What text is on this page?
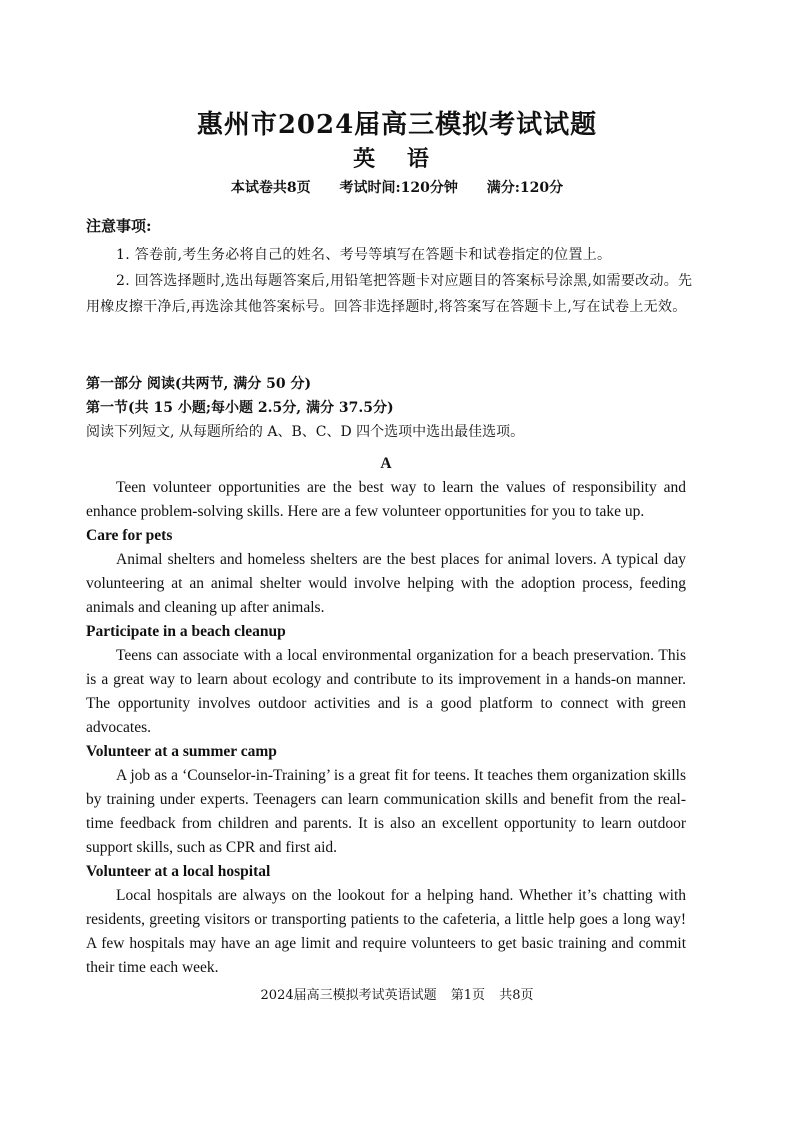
惠州市2024届高三模拟考试试题
英 语
本试卷共8页 考试时间:120分钟 满分:120分
注意事项:

1. 答卷前,考生务必将自己的姓名、考号等填写在答题卡和试卷指定的位置上。

2. 回答选择题时,选出每题答案后,用铅笔把答题卡对应题目的答案标号涂黑,如需要改动。先用橡皮擦干净后,再选涂其他答案标号。回答非选择题时,将答案写在答题卡上,写在试卷上无效。

第一部分 阅读(共两节, 满分 50 分)
第一节(共 15 小题;每小题 2.5分, 满分 37.5分)
阅读下列短文, 从每题所给的 A、B、C、D 四个选项中选出最佳选项。
A

Teen volunteer opportunities are the best way to learn the values of responsibility and enhance problem-solving skills. Here are a few volunteer opportunities for you to take up.

Care for pets

Animal shelters and homeless shelters are the best places for animal lovers. A typical day volunteering at an animal shelter would involve helping with the adoption process, feeding animals and cleaning up after animals.

Participate in a beach cleanup

Teens can associate with a local environmental organization for a beach preservation. This is a great way to learn about ecology and contribute to its improvement in a hands-on manner. The opportunity involves outdoor activities and is a good platform to connect with green advocates.

Volunteer at a summer camp

A job as a ‘Counselor-in-Training’ is a great fit for teens. It teaches them organization skills by training under experts. Teenagers can learn communication skills and benefit from the real-time feedback from children and parents. It is also an excellent opportunity to learn outdoor support skills, such as CPR and first aid.

Volunteer at a local hospital

Local hospitals are always on the lookout for a helping hand. Whether it’s chatting with residents, greeting visitors or transporting patients to the cafeteria, a little help goes a long way! A few hospitals may have an age limit and require volunteers to get basic training and commit their time each week.

2024届高三模拟考试英语试题 第1页 共8页
